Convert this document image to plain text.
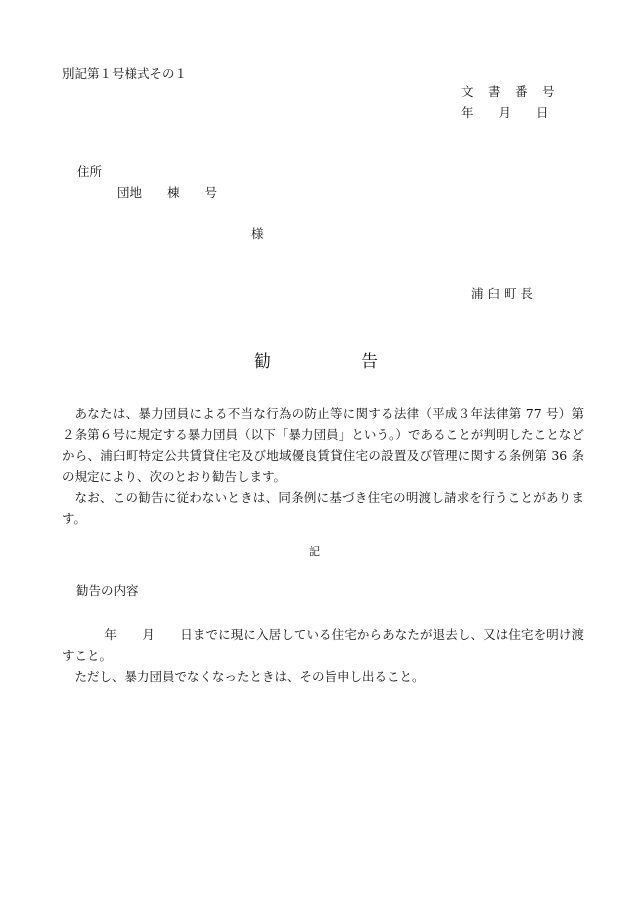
別記第１号様式その１
文　書　番　号
年　　月　　日
住所
団地　　棟　　号
様
浦 臼 町 長
勧	告

あなたは、暴力団員による不当な行為の防止等に関する法律（平成３年法律第 77 号）第２条第６号に規定する暴力団員（以下「暴力団員」という。）であることが判明したことなどから、浦臼町特定公共賃貸住宅及び地域優良賃貸住宅の設置及び管理に関する条例第 36 条の規定により、次のとおり勧告します。

なお、この勧告に従わないときは、同条例に基づき住宅の明渡し請求を行うことがあります。

記
勧告の内容

年　　月　　日までに現に入居している住宅からあなたが退去し、又は住宅を明け渡すこと。

ただし、暴力団員でなくなったときは、その旨申し出ること。
